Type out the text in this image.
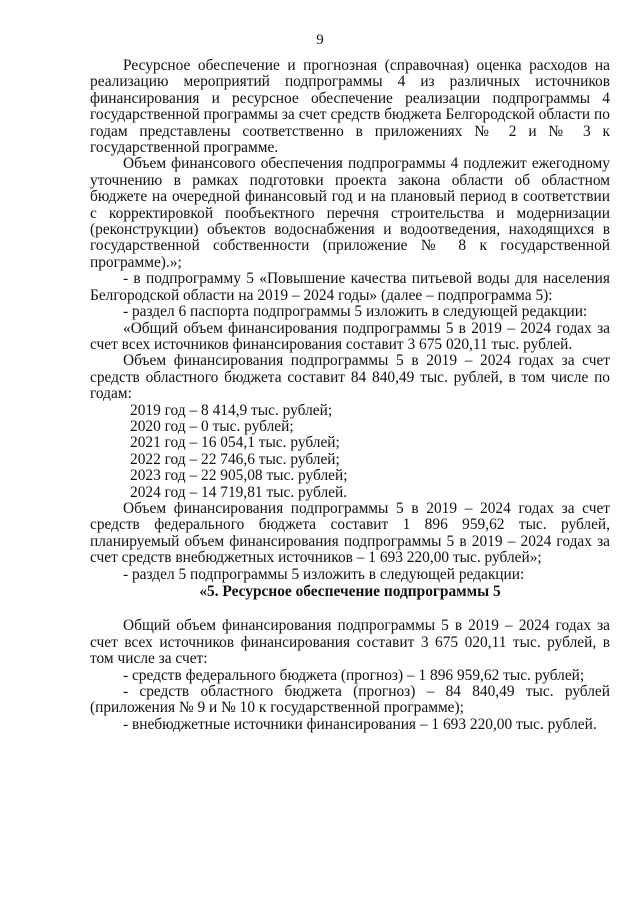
9

Ресурсное обеспечение и прогнозная (справочная) оценка расходов на реализацию мероприятий подпрограммы 4 из различных источников финансирования и ресурсное обеспечение реализации подпрограммы 4 государственной программы за счет средств бюджета Белгородской области по годам представлены соответственно в приложениях № 2 и № 3 к государственной программе.

Объем финансового обеспечения подпрограммы 4 подлежит ежегодному уточнению в рамках подготовки проекта закона области об областном бюджете на очередной финансовый год и на плановый период в соответствии с корректировкой пообъектного перечня строительства и модернизации (реконструкции) объектов водоснабжения и водоотведения, находящихся в государственной собственности (приложение № 8 к государственной программе).»;

- в подпрограмму 5 «Повышение качества питьевой воды для населения Белгородской области на 2019 – 2024 годы» (далее – подпрограмма 5):

- раздел 6 паспорта подпрограммы 5 изложить в следующей редакции:

«Общий объем финансирования подпрограммы 5 в 2019 – 2024 годах за счет всех источников финансирования составит 3 675 020,11 тыс. рублей.

Объем финансирования подпрограммы 5 в 2019 – 2024 годах за счет средств областного бюджета составит 84 840,49 тыс. рублей, в том числе по годам:

2019 год – 8 414,9 тыс. рублей;

2020 год – 0 тыс. рублей;

2021 год – 16 054,1 тыс. рублей;

2022 год – 22 746,6 тыс. рублей;

2023 год – 22 905,08 тыс. рублей;

2024 год – 14 719,81 тыс. рублей.

Объем финансирования подпрограммы 5 в 2019 – 2024 годах за счет средств федерального бюджета составит 1 896 959,62 тыс. рублей, планируемый объем финансирования подпрограммы 5 в 2019 – 2024 годах за счет средств внебюджетных источников – 1 693 220,00 тыс. рублей»;

- раздел 5 подпрограммы 5 изложить в следующей редакции:

«5. Ресурсное обеспечение подпрограммы 5

Общий объем финансирования подпрограммы 5 в 2019 – 2024 годах за счет всех источников финансирования составит 3 675 020,11 тыс. рублей, в том числе за счет:

- средств федерального бюджета (прогноз) – 1 896 959,62 тыс. рублей;

- средств областного бюджета (прогноз) – 84 840,49 тыс. рублей (приложения № 9 и № 10 к государственной программе);

- внебюджетные источники финансирования – 1 693 220,00 тыс. рублей.
